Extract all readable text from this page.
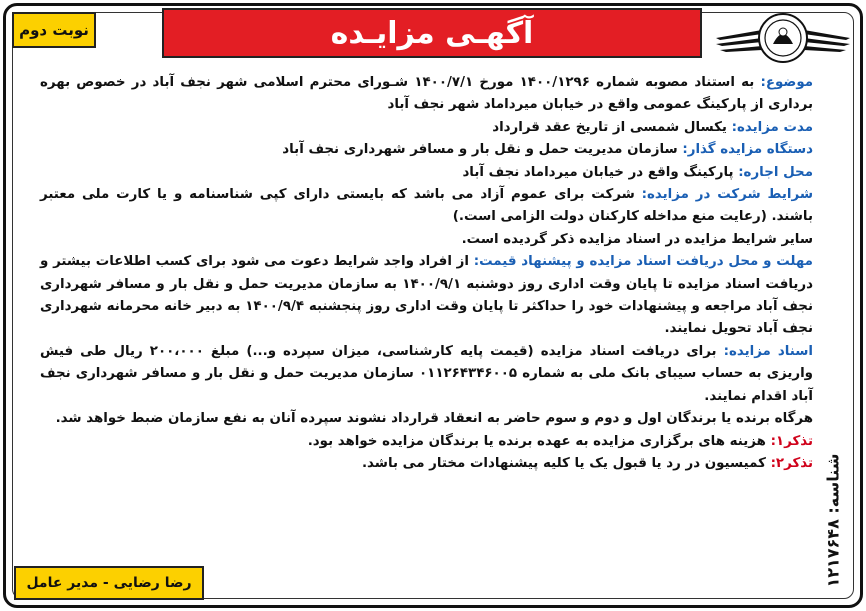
نوبت دوم	آگهـی مزایـده

موضوع: به استناد مصوبه شماره ۱۴۰۰/۱۲۹۶ مورخ ۱۴۰۰/۷/۱ شـورای محترم اسلامی شهر نجف آباد در خصوص بهره برداری از پارکینگ عمومی واقع در خیابان میرداماد شهر نجف آباد

مدت مزایده: یکسال شمسی از تاریخ عقد قرارداد

دستگاه مزایده گذار: سازمان مدیریت حمل و نقل بار و مسافر شهرداری نجف آباد

محل اجاره: پارکینگ واقع در خیابان میرداماد نجف آباد

شرایط شرکت در مزایده: شرکت برای عموم آزاد می باشد که بایستی دارای کپی شناسنامه و یا کارت ملی معتبر باشند. (رعایت منع مداخله کارکنان دولت الزامی است.)

سایر شرایط مزایده در اسناد مزایده ذکر گردیده است.

مهلت و محل دریافت اسناد مزایده و پیشنهاد قیمت: از افراد واجد شرایط دعوت می شود برای کسب اطلاعات بیشتر و دریافت اسناد مزایده تا پایان وقت اداری روز دوشنبه ۱۴۰۰/۹/۱ به سازمان مدیریت حمل و نقل بار و مسافر شهرداری نجف آباد مراجعه و پیشنهادات خود را حداکثر تا پایان وقت اداری روز پنجشنبه ۱۴۰۰/۹/۴ به دبیر خانه محرمانه شهرداری نجف آباد تحویل نمایند.

اسناد مزایده: برای دریافت اسناد مزایده (قیمت پایه کارشناسی، میزان سپرده و...) مبلغ ۲۰۰،۰۰۰ ریال طی فیش واریزی به حساب سیبای بانک ملی به شماره ۰۱۱۲۶۴۳۴۶۰۰۵ سازمان مدیریت حمل و نقل بار و مسافر شهرداری نجف آباد اقدام نمایند.

هرگاه برنده یا برندگان اول و دوم و سوم حاضر به انعقاد قرارداد نشوند سپرده آنان به نفع سازمان ضبط خواهد شد.

تذکر۱: هزینه های برگزاری مزایده به عهده برنده یا برندگان مزایده خواهد بود.

تذکر۲: کمیسیون در رد یا قبول یک یا کلیه پیشنهادات مختار می باشد.

شناسه: ۱۲۱۷۶۴۸
رضا رضایی - مدیر عامل
